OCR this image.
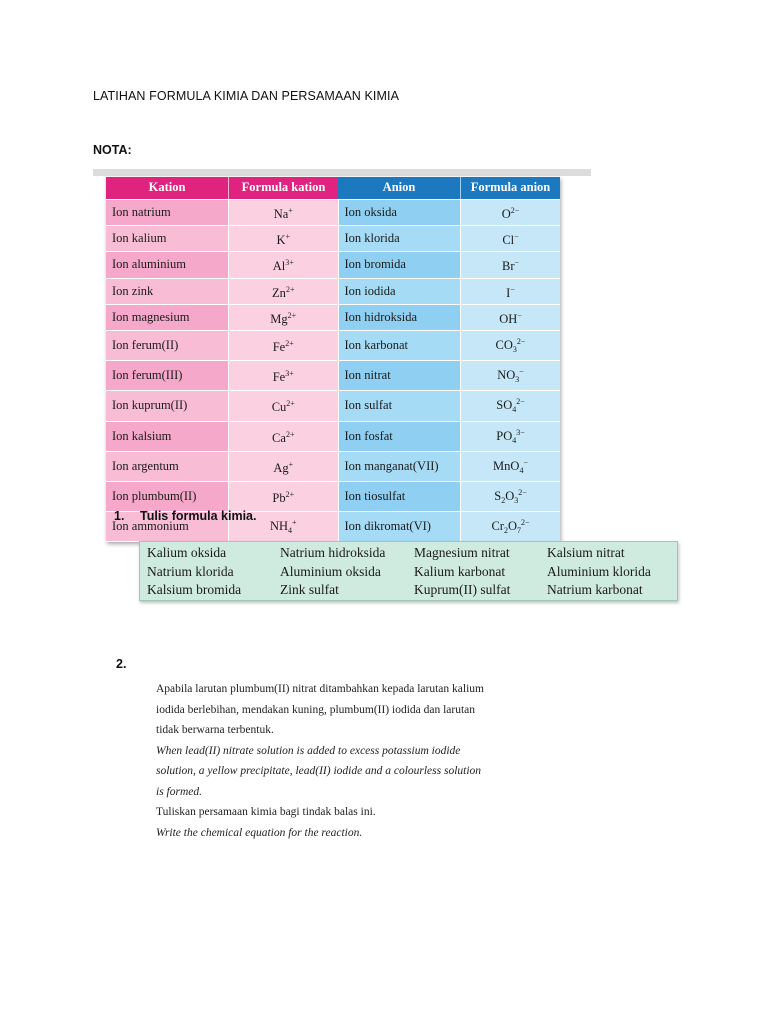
LATIHAN FORMULA KIMIA DAN PERSAMAAN KIMIA
NOTA:
Kation	Formula kation	Anion	Formula anion
Ion natrium	Na+	Ion oksida	$O^{2-}$
Ion kalium	K+	Ion klorida	Cl−
Ion aluminium	$Al^{3+}$	Ion bromida	Br−
Ion zink	$Zn^{2+}$	Ion iodida	I−
Ion magnesium	$Mg^{2+}$	Ion hidroksida	OH−
Ion ferum(II)	$Fe^{2+}$	Ion karbonat	$CO_3^{2-}$
Ion ferum(III)	$Fe^{3+}$	Ion nitrat	$NO_3^-$
Ion kuprum(II)	$Cu^{2+}$	Ion sulfat	$SO_4^{2-}$
Ion kalsium	$Ca^{2+}$	Ion fosfat	$PO_4^{3-}$
Ion argentum	Ag+	Ion manganat(VII)	MnO$_4$−
Ion plumbum(II)	$Pb^{2+}$	Ion tiosulfat	$S_2O_3^{2-}$
Ion ammonium	$NH_4^+$	Ion dikromat(VI)	$Cr_2O_7^{2-}$
1. Tulis formula kimia.
Kalium oksida	Natrium hidroksida	Magnesium nitrat	Kalsium nitrat
Natrium klorida	Aluminium oksida	Kalium karbonat	Aluminium klorida
Kalsium bromida	Zink sulfat	Kuprum(II) sulfat	Natrium karbonat
2.
Apabila larutan plumbum(II) nitrat ditambahkan kepada larutan kalium
iodida berlebihan, mendakan kuning, plumbum(II) iodida dan larutan
tidak berwarna terbentuk.
When lead(II) nitrate solution is added to excess potassium iodide
solution, a yellow precipitate, lead(II) iodide and a colourless solution
is formed.
Tuliskan persamaan kimia bagi tindak balas ini.
Write the chemical equation for the reaction.
